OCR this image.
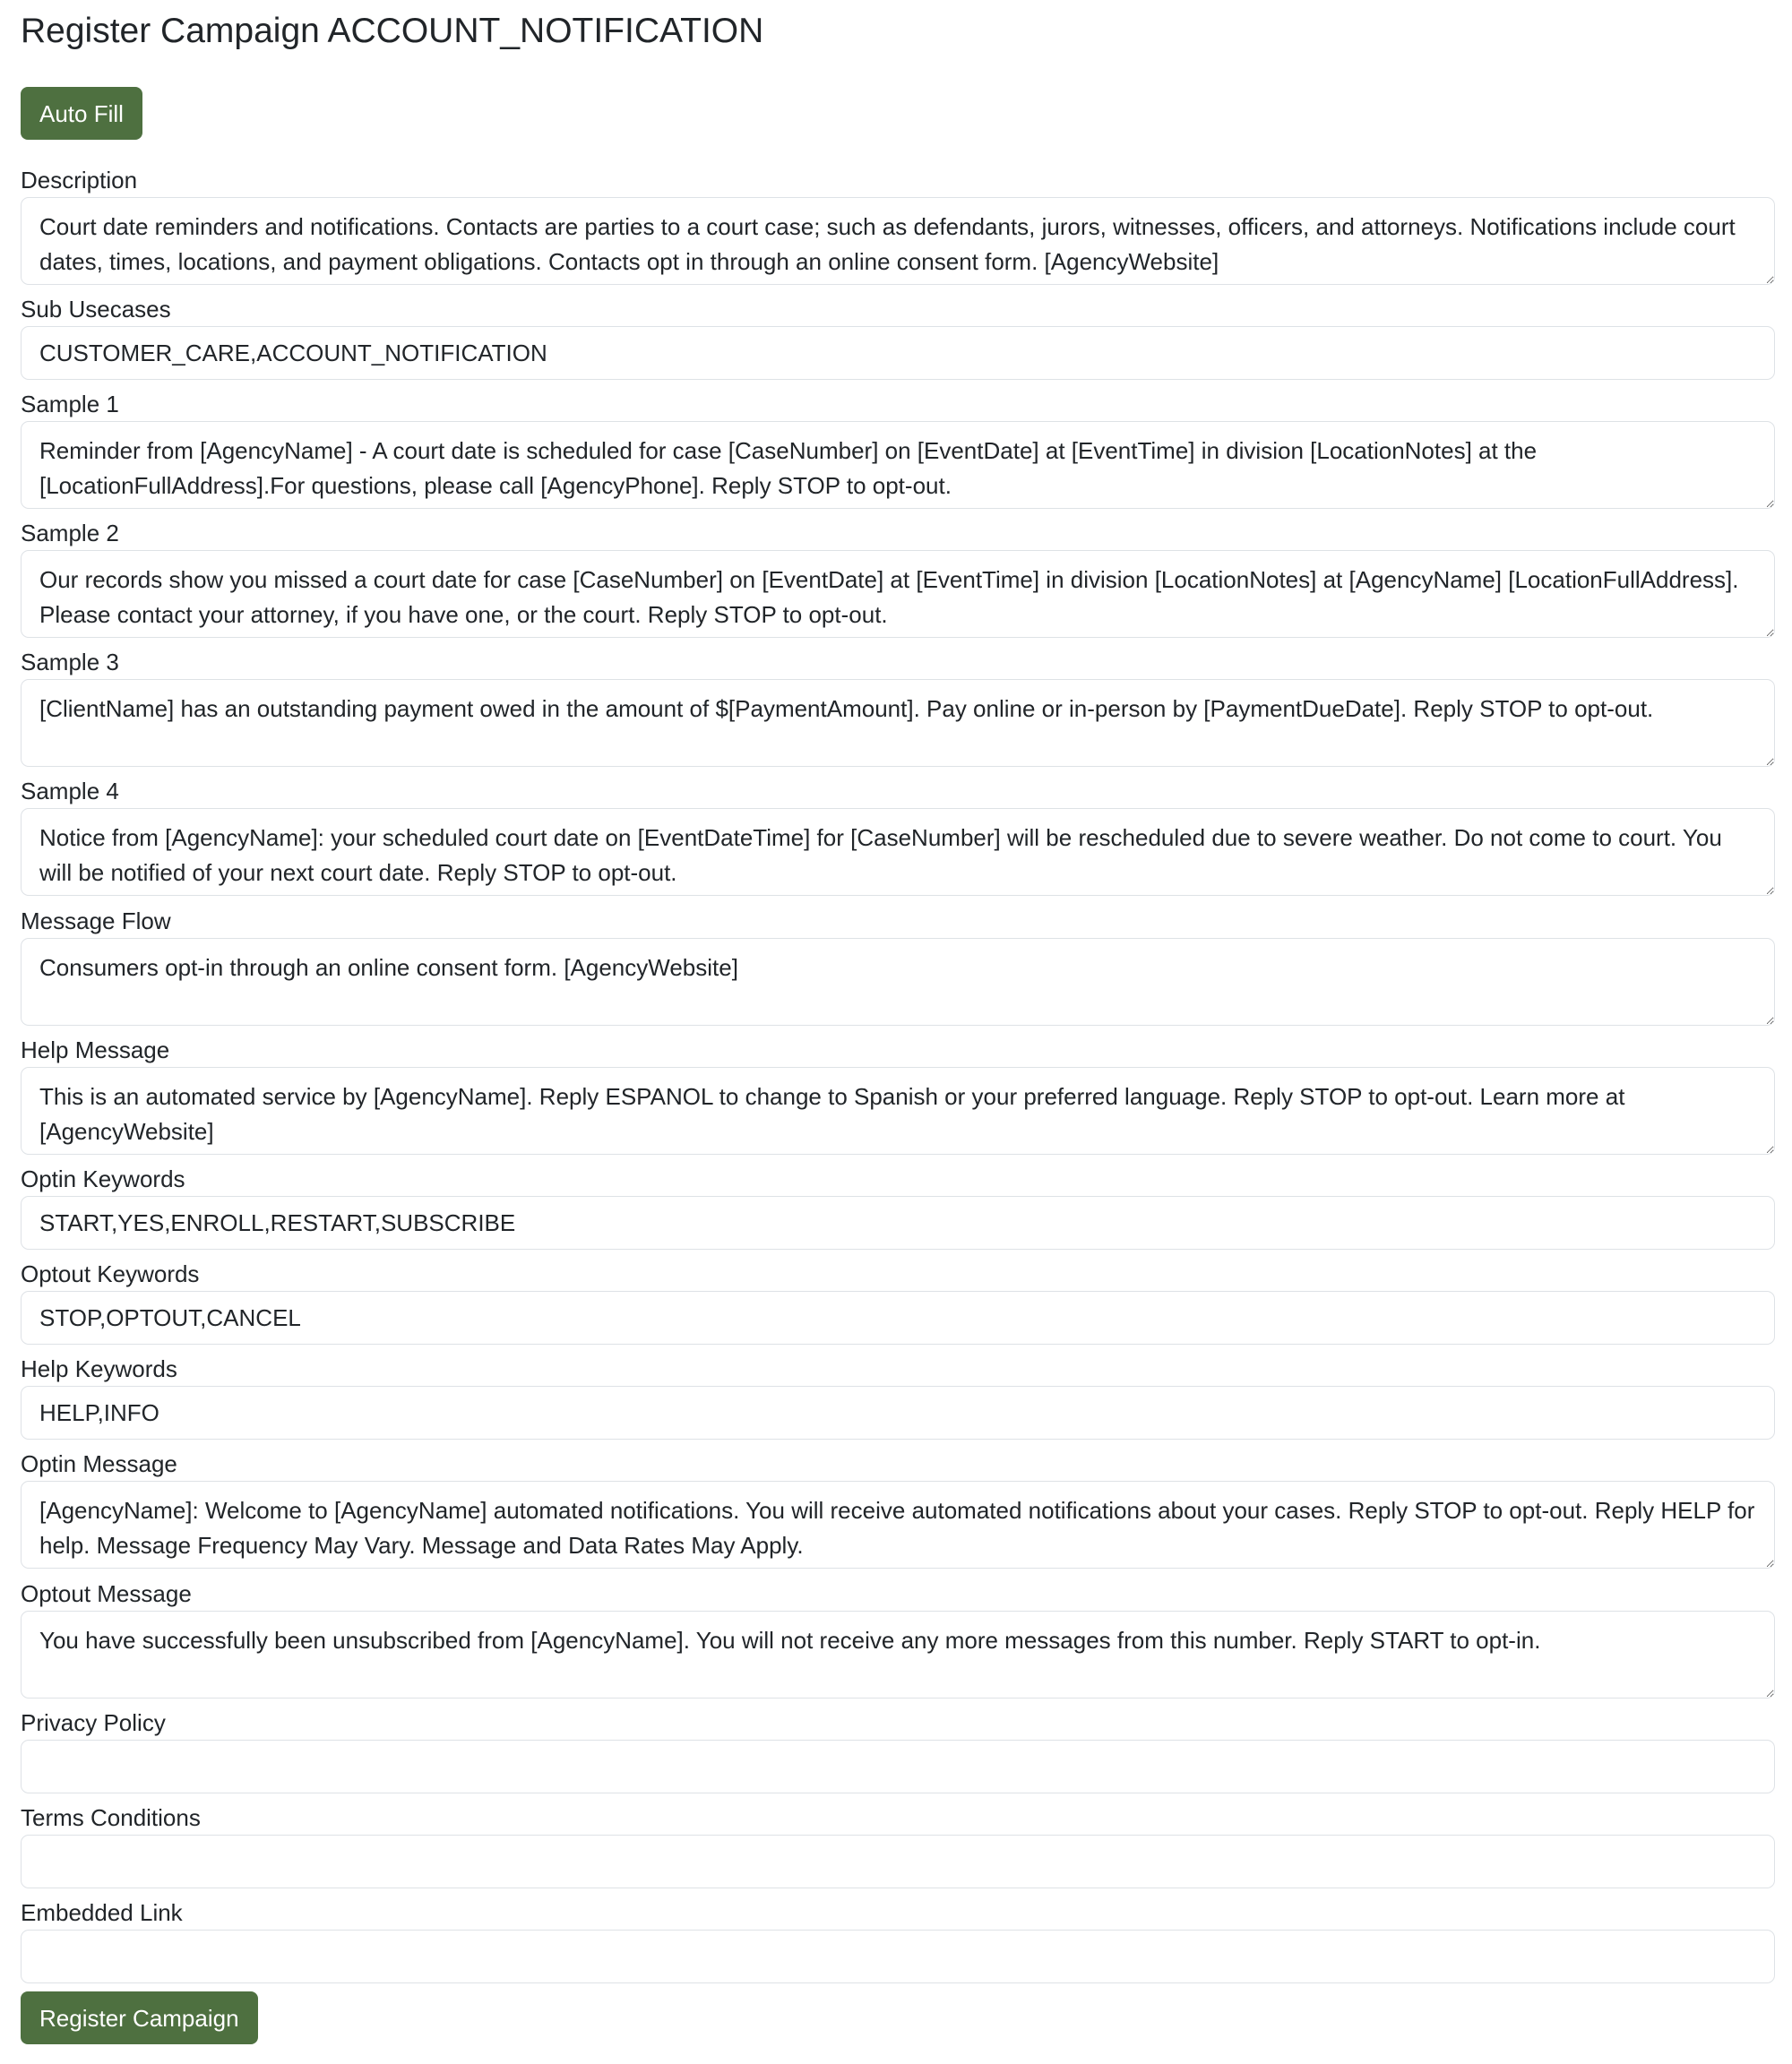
Register Campaign ACCOUNT_NOTIFICATION
Auto Fill
Description
Court date reminders and notifications. Contacts are parties to a court case; such as defendants, jurors, witnesses, officers, and attorneys. Notifications include court dates, times, locations, and payment obligations. Contacts opt in through an online consent form. [AgencyWebsite]
Sub Usecases
CUSTOMER_CARE,ACCOUNT_NOTIFICATION
Sample 1
Reminder from [AgencyName] - A court date is scheduled for case [CaseNumber] on [EventDate] at [EventTime] in division [LocationNotes] at the [LocationFullAddress].For questions, please call [AgencyPhone]. Reply STOP to opt-out.
Sample 2
Our records show you missed a court date for case [CaseNumber] on [EventDate] at [EventTime] in division [LocationNotes] at [AgencyName] [LocationFullAddress]. Please contact your attorney, if you have one, or the court. Reply STOP to opt-out.
Sample 3
[ClientName] has an outstanding payment owed in the amount of $[PaymentAmount]. Pay online or in-person by [PaymentDueDate]. Reply STOP to opt-out.
Sample 4
Notice from [AgencyName]: your scheduled court date on [EventDateTime] for [CaseNumber] will be rescheduled due to severe weather. Do not come to court. You will be notified of your next court date. Reply STOP to opt-out.
Message Flow
Consumers opt-in through an online consent form. [AgencyWebsite]
Help Message
This is an automated service by [AgencyName]. Reply ESPANOL to change to Spanish or your preferred language. Reply STOP to opt-out. Learn more at [AgencyWebsite]
Optin Keywords
START,YES,ENROLL,RESTART,SUBSCRIBE
Optout Keywords
STOP,OPTOUT,CANCEL
Help Keywords
HELP,INFO
Optin Message
[AgencyName]: Welcome to [AgencyName] automated notifications. You will receive automated notifications about your cases. Reply STOP to opt-out. Reply HELP for help. Message Frequency May Vary. Message and Data Rates May Apply.
Optout Message
You have successfully been unsubscribed from [AgencyName]. You will not receive any more messages from this number. Reply START to opt-in.
Privacy Policy
Terms Conditions
Embedded Link
Register Campaign
